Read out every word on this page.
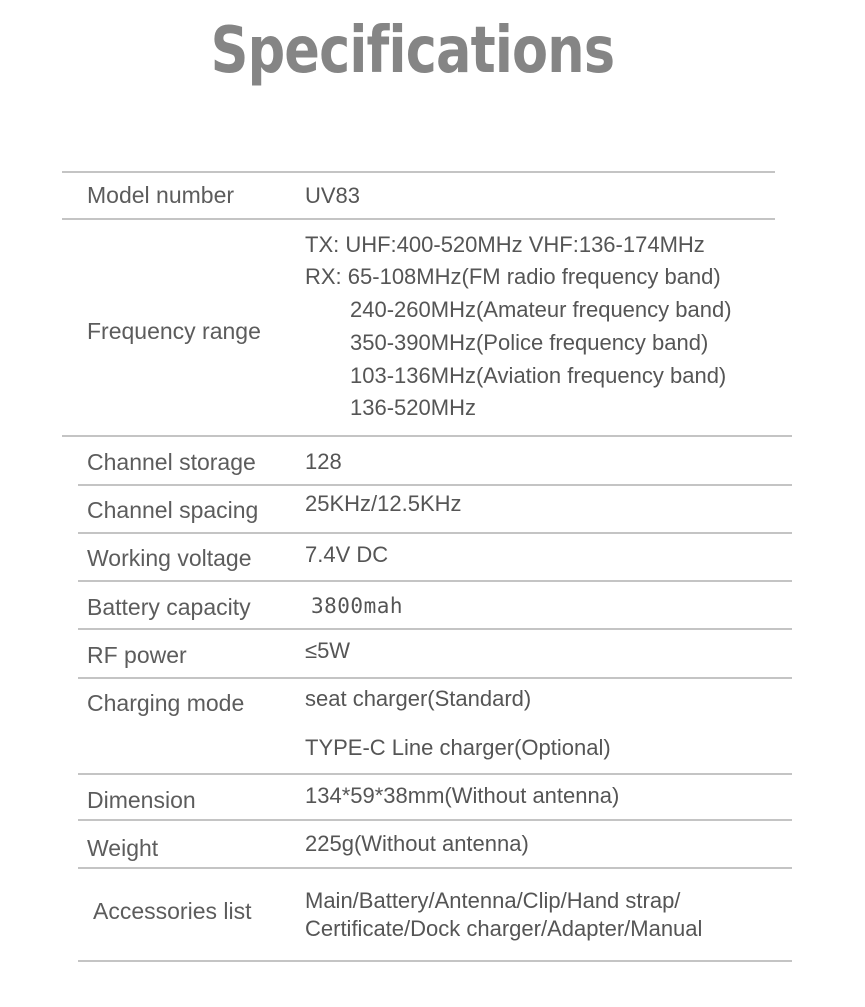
Specifications
Model number	UV83
Frequency range
TX: UHF:400-520MHz VHF:136-174MHz
RX: 65-108MHz(FM radio frequency band)
240-260MHz(Amateur frequency band)
350-390MHz(Police frequency band)
103-136MHz(Aviation frequency band)
136-520MHz
Channel storage 128
Channel spacing 25KHz/12.5KHz
Working voltage 7.4V DC
Battery capacity	3800mah
RF power	≤5W
Charging mode	seat charger(Standard)
TYPE-C Line charger(Optional)
Dimension	134*59*38mm(Without antenna)
Weight	225g(Without antenna)
Accessories list Main/Battery/Antenna/Clip/Hand strap/
Certificate/Dock charger/Adapter/Manual
